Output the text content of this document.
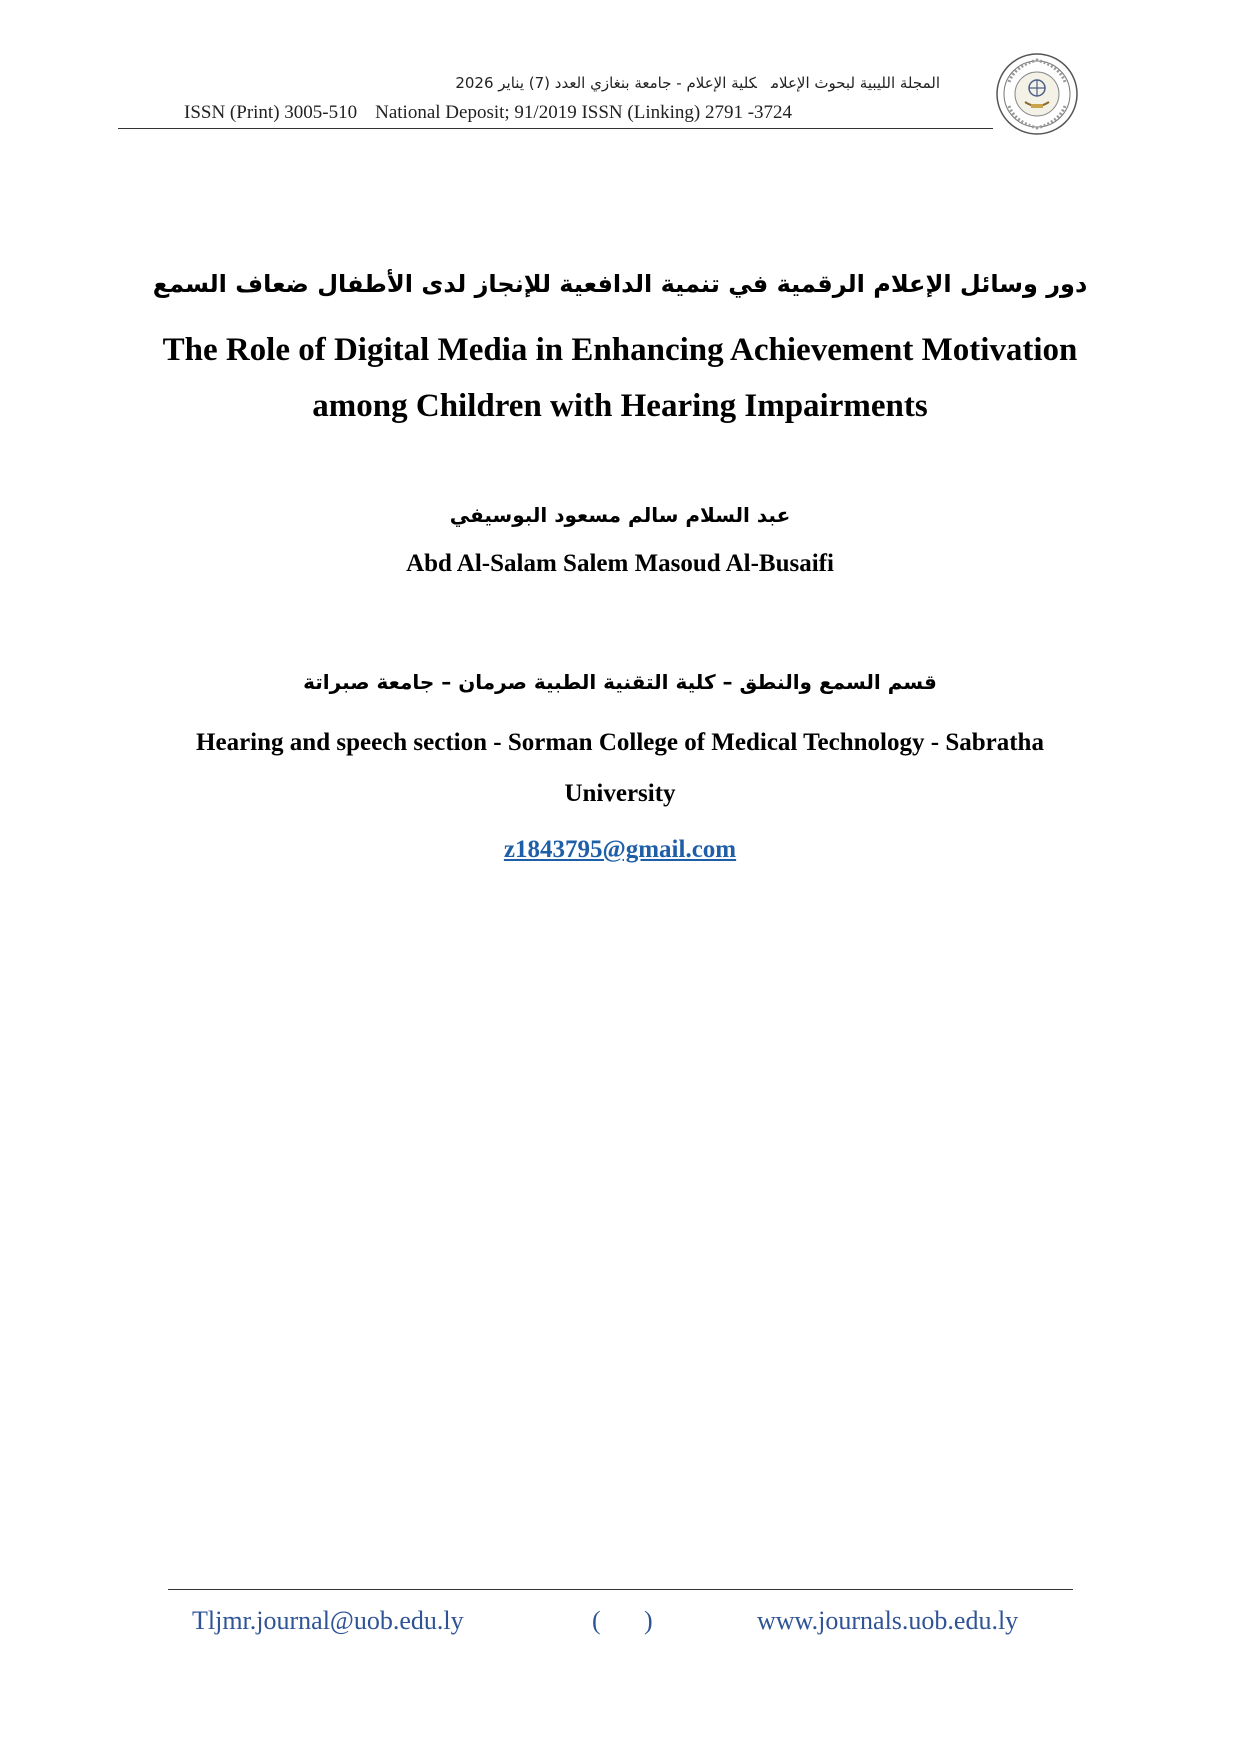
المجلة الليبية لبحوث الإعلامكلية الإعلام - جامعة بنغازي العدد (7) يناير 2026
ISSN (Print) 3005-510 National Deposit; 91/2019 ISSN (Linking) 2791 -3724
دور وسائل الإعلام الرقمية في تنمية الدافعية للإنجاز لدى الأطفال ضعاف السمع
The Role of Digital Media in Enhancing Achievement Motivation
among Children with Hearing Impairments
عبد السلام سالم مسعود البوسيفي
Abd Al-Salam Salem Masoud Al-Busaifi
قسم السمع والنطق – كلية التقنية الطبية صرمان – جامعة صبراتة
Hearing and speech section - Sorman College of Medical Technology - Sabratha
University
z1843795@gmail.com
Tljmr.journal@uob.edu.ly	( )	www.journals.uob.edu.ly
